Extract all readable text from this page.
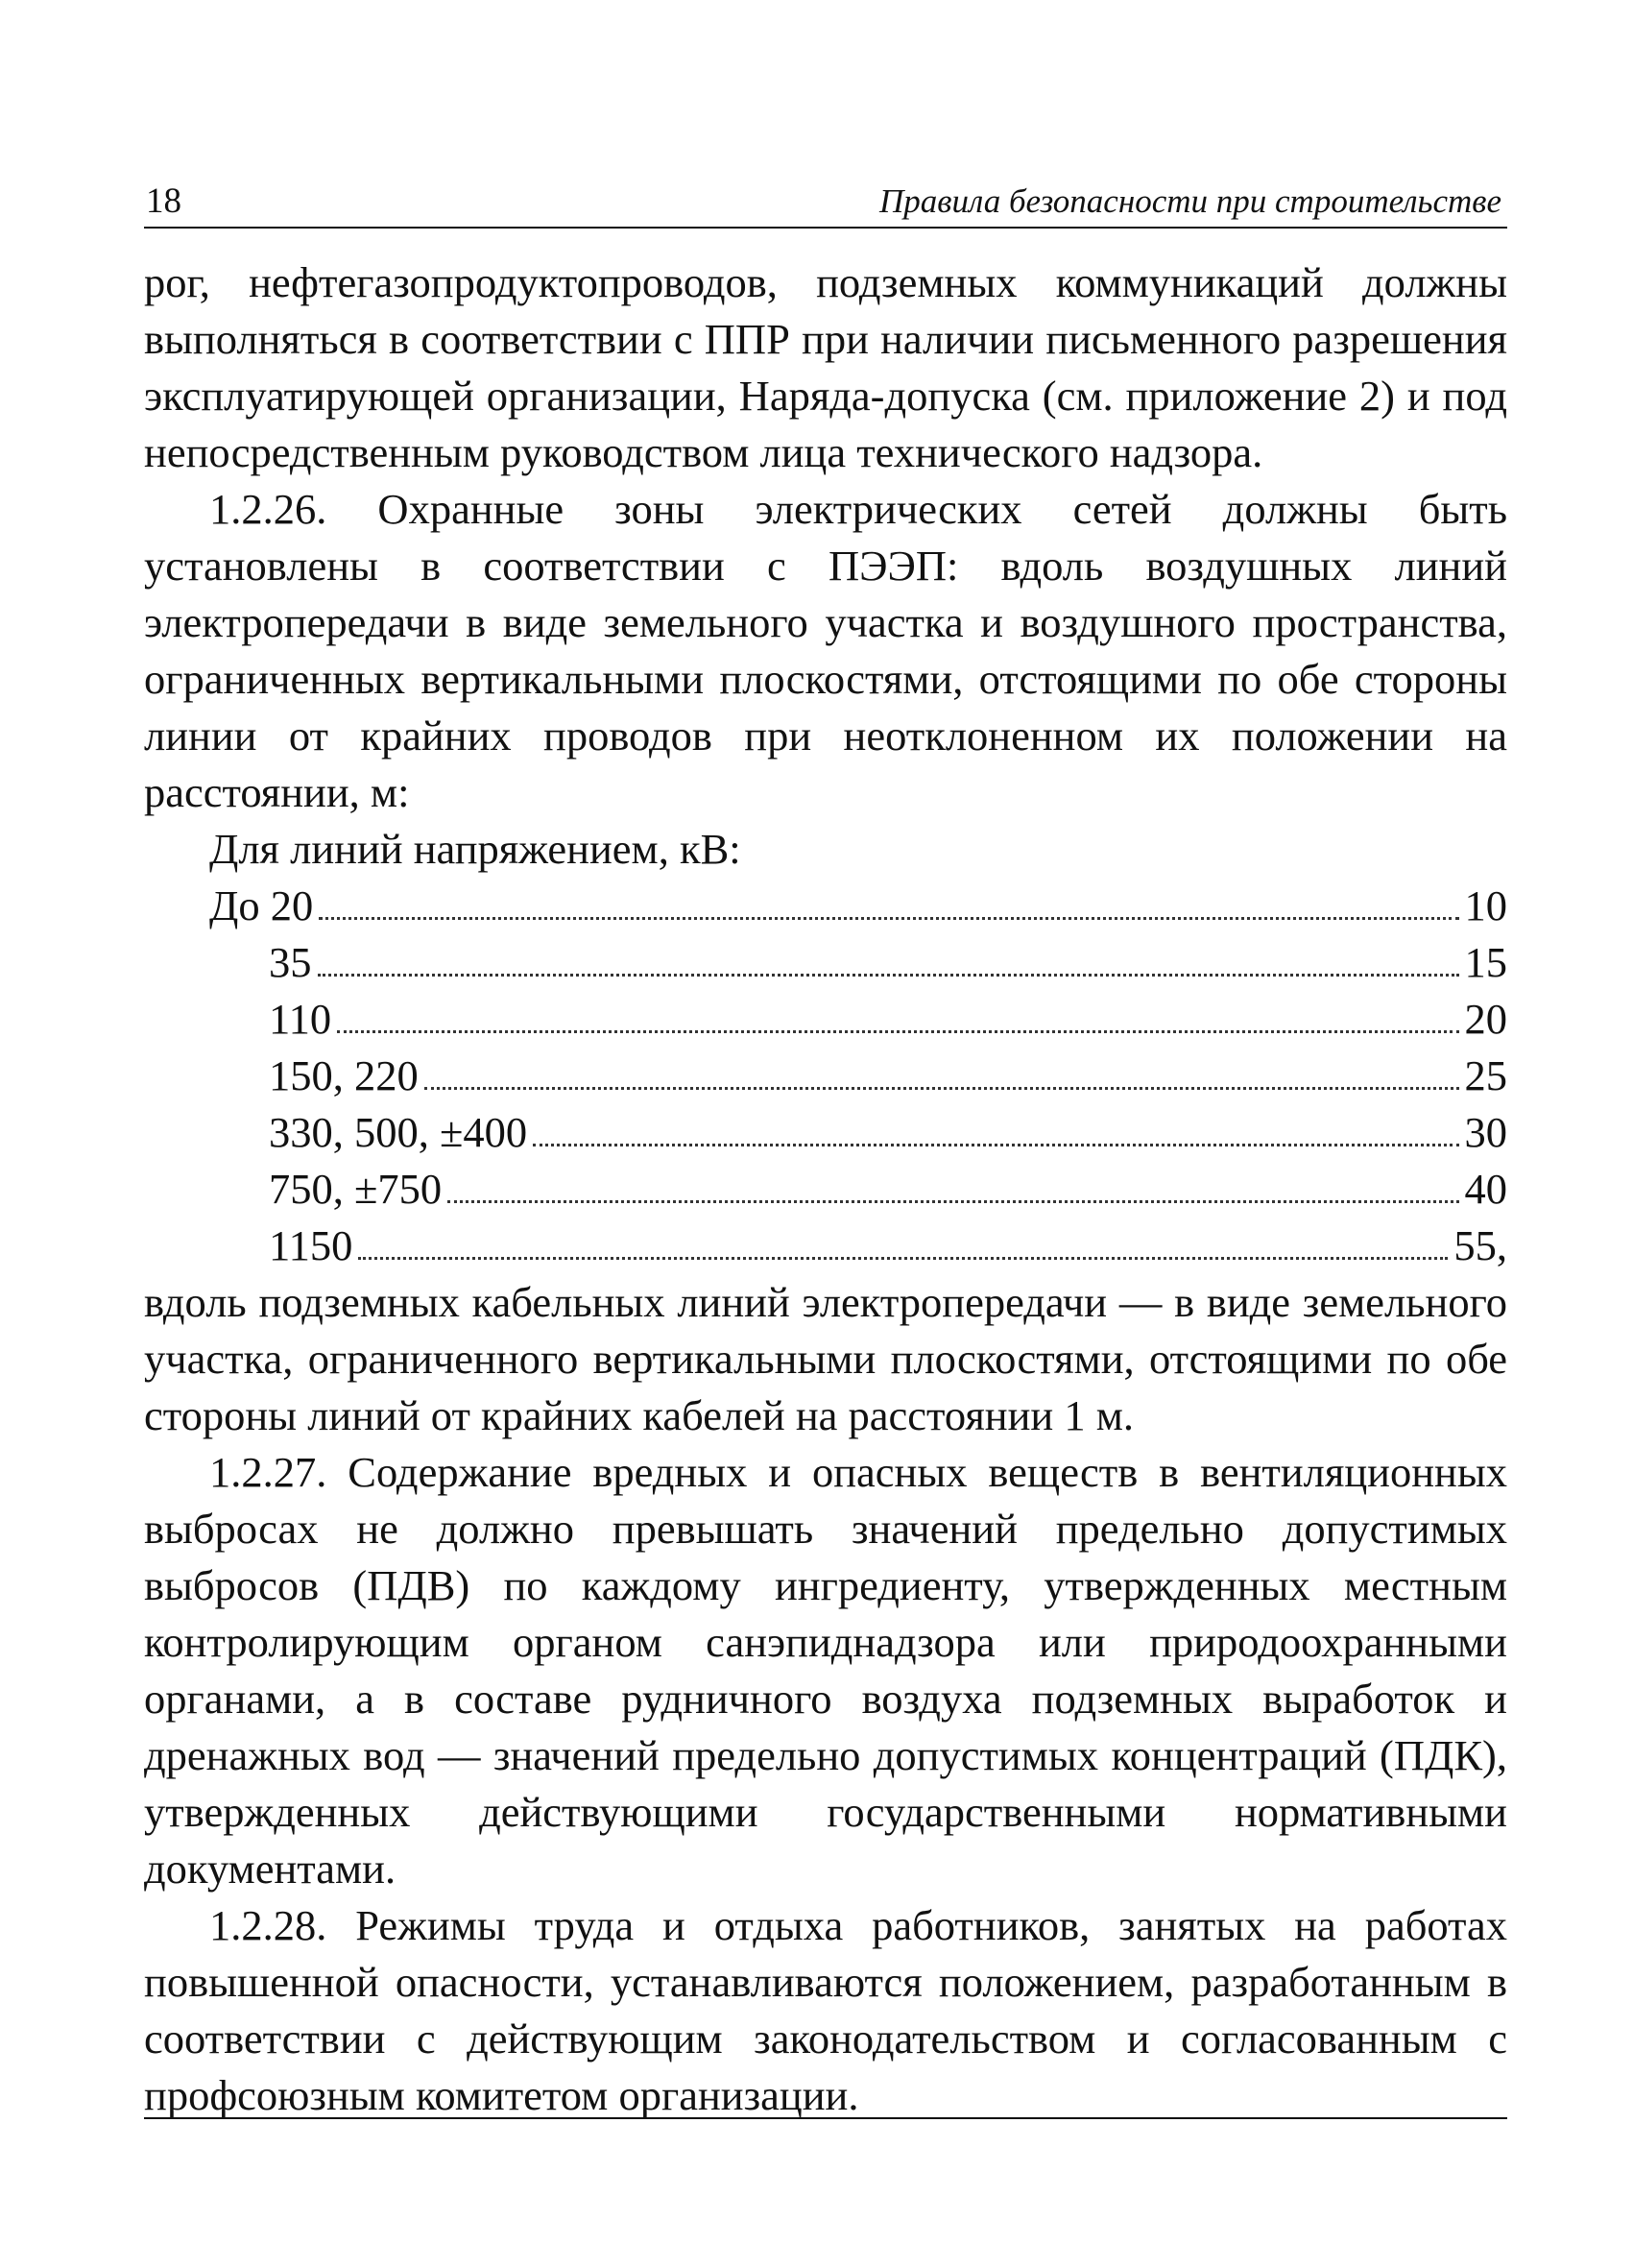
18	Правила безопасности при строительстве

рог, нефтегазопродуктопроводов, подземных коммуникаций должны выполняться в соответствии с ППР при наличии письменного разрешения эксплуатирующей организации, Наряда-допуска (см. приложение 2) и под непосредственным руководством лица технического надзора.

1.2.26. Охранные зоны электрических сетей должны быть установлены в соответствии с ПЭЭП: вдоль воздушных линий электропередачи в виде земельного участка и воздушного пространства, ограниченных вертикальными плоскостями, отстоящими по обе стороны линии от крайних проводов при неотклоненном их положении на расстоянии, м:

Для линий напряжением, кВ:

До 20	10
35	15
110	20
150, 220	25
330, 500, ±400	30
750, ±750	40
1150	55,

вдоль подземных кабельных линий электропередачи — в виде земельного участка, ограниченного вертикальными плоскостями, отстоящими по обе стороны линий от крайних кабелей на расстоянии 1 м.

1.2.27. Содержание вредных и опасных веществ в вентиляционных выбросах не должно превышать значений предельно допустимых выбросов (ПДВ) по каждому ингредиенту, утвержденных местным контролирующим органом санэпиднадзора или природоохранными органами, а в составе рудничного воздуха подземных выработок и дренажных вод — значений предельно допустимых концентраций (ПДК), утвержденных действующими государственными нормативными документами.

1.2.28. Режимы труда и отдыха работников, занятых на работах повышенной опасности, устанавливаются положением, разработанным в соответствии с действующим законодательством и согласованным с профсоюзным комитетом организации.
